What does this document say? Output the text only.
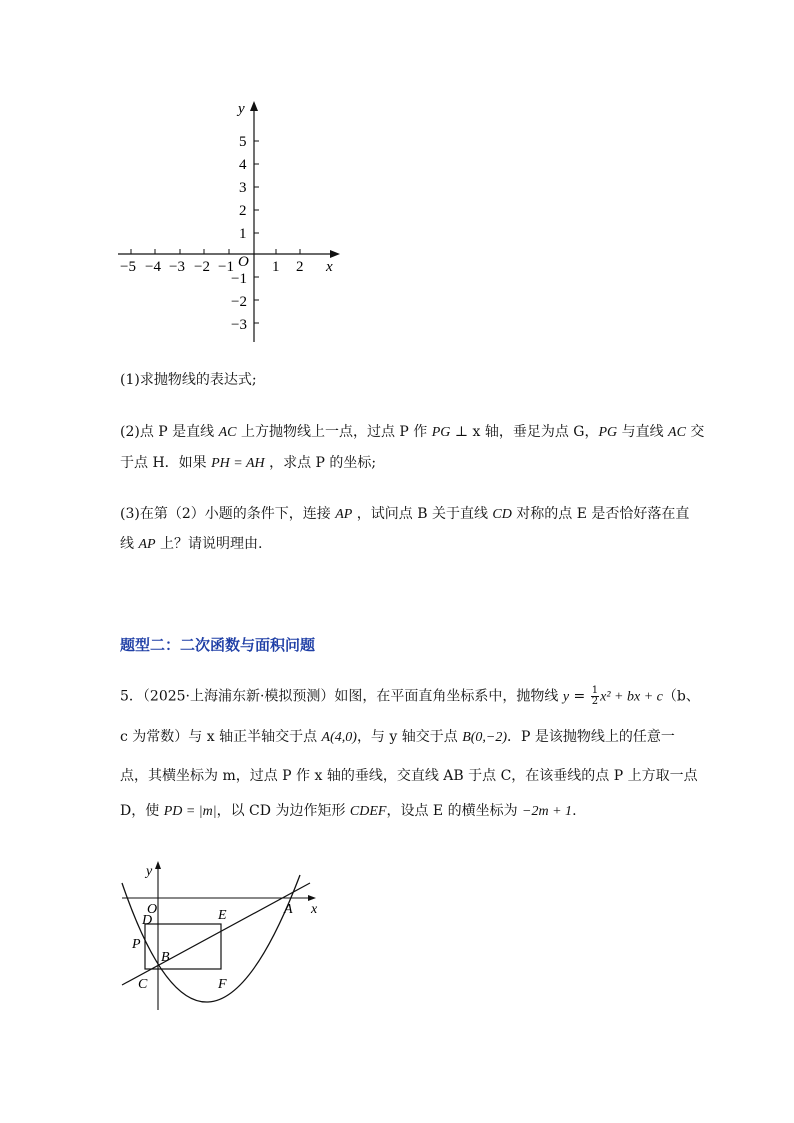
y
x
O
5
4
3
2
1
−1
−2
−3
−5 −4 −3 −2 −1	1 2
(1)求抛物线的表达式;
(2)点 P 是直线 AC 上方抛物线上一点，过点 P 作 PG ⊥ x 轴，垂足为点 G，PG 与直线 AC 交
于点 H．如果 PH = AH ，求点 P 的坐标;
(3)在第（2）小题的条件下，连接 AP ，试问点 B 关于直线 CD 对称的点 E 是否恰好落在直
线 AP 上？请说明理由.
题型二：二次函数与面积问题
5．（2025·上海浦东新·模拟预测）如图，在平面直角坐标系中，抛物线 $y = \frac{1}{2} x^2$ + bx + c（b、
c 为常数）与 x 轴正半轴交于点 A(4,0)，与 y 轴交于点 B(0,−2)．P 是该抛物线上的任意一
点，其横坐标为 m，过点 P 作 x 轴的垂线，交直线 AB 于点 C，在该垂线的点 P 上方取一点
D，使 PD = |m|，以 CD 为边作矩形 CDEF，设点 E 的横坐标为 −2m + 1.
y
x
O
D	E	A
P
B
C	F
